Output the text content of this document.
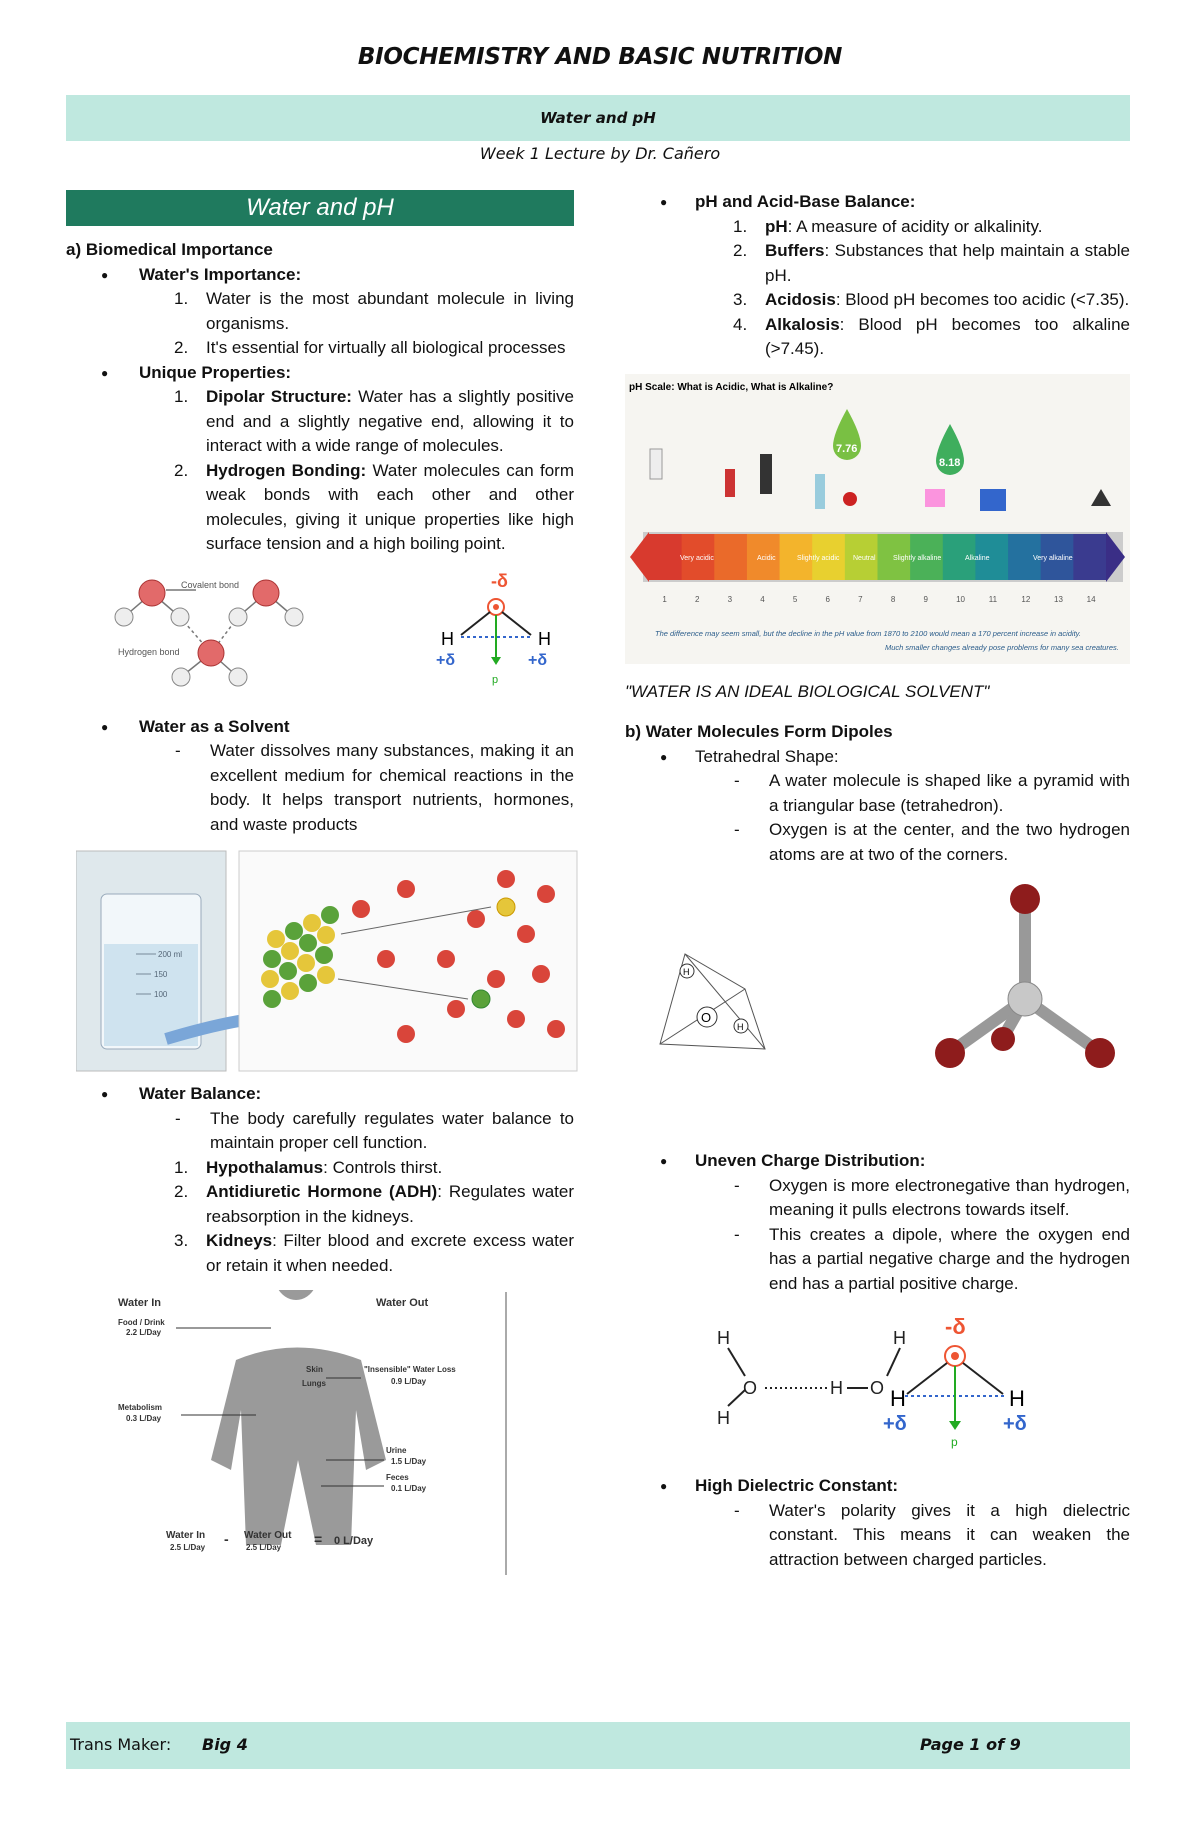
BIOCHEMISTRY AND BASIC NUTRITION
Water and pH
Week 1 Lecture by Dr. Cañero
Water and pH

a) Biomedical Importance

● Water's Importance:
1. Water is the most abundant molecule in living organisms.
2. It's essential for virtually all biological processes
● Unique Properties:
1. Dipolar Structure: Water has a slightly positive end and a slightly negative end, allowing it to interact with a wide range of molecules.
2. Hydrogen Bonding: Water molecules can form weak bonds with each other and other molecules, giving it unique properties like high surface tension and a high boiling point.
Covalent bond
Hydrogen bond
-δ
H	H
+δ	+δ
p
● Water as a Solvent
- Water dissolves many substances, making it an excellent medium for chemical reactions in the body. It helps transport nutrients, hormones, and waste products
200 ml
150
100
● Water Balance:
- The body carefully regulates water balance to maintain proper cell function.
1. Hypothalamus: Controls thirst.
2. Antidiuretic Hormone (ADH): Regulates water reabsorption in the kidneys.
3. Kidneys: Filter blood and excrete excess water or retain it when needed.
Water In	Water Out
Food / Drink
2.2 L/Day
Metabolism
0.3 L/Day
Skin
Lungs
"Insensible" Water Loss
0.9 L/Day
Urine
1.5 L/Day
Feces
0.1 L/Day
Water In
2.5 L/Day
- Water Out
2.5 L/Day
= 0 L/Day
● pH and Acid-Base Balance:
1. pH: A measure of acidity or alkalinity.
2. Buffers: Substances that help maintain a stable pH.
3. Acidosis: Blood pH becomes too acidic (<7.35).
4. Alkalosis: Blood pH becomes too alkaline (>7.45).
pH Scale: What is Acidic, What is Alkaline?
7.76
8.18
Very acidic	Acidic	Slightly acidic Neutral Slightly alkaline	Alkaline	Very alkaline
1	2	3	4	5	6	7	8	9	10	11	12	13	14
The difference may seem small, but the decline in the pH value from 1870 to 2100 would mean a 170 percent increase in acidity.
Much smaller changes already pose problems for many sea creatures.

"WATER IS AN IDEAL BIOLOGICAL SOLVENT"

b) Water Molecules Form Dipoles

● Tetrahedral Shape:
- A water molecule is shaped like a pyramid with a triangular base (tetrahedron).
- Oxygen is at the center, and the two hydrogen atoms are at two of the corners.
O
H
H
● Uneven Charge Distribution:
- Oxygen is more electronegative than hydrogen, meaning it pulls electrons towards itself.
- This creates a dipole, where the oxygen end has a partial negative charge and the hydrogen end has a partial positive charge.
H
H
H
H
O
O
-δ
H	H
+δ	+δ
p
● High Dielectric Constant:
- Water's polarity gives it a high dielectric constant. This means it can weaken the attraction between charged particles.
Trans Maker: Big 4	Page 1 of 9
